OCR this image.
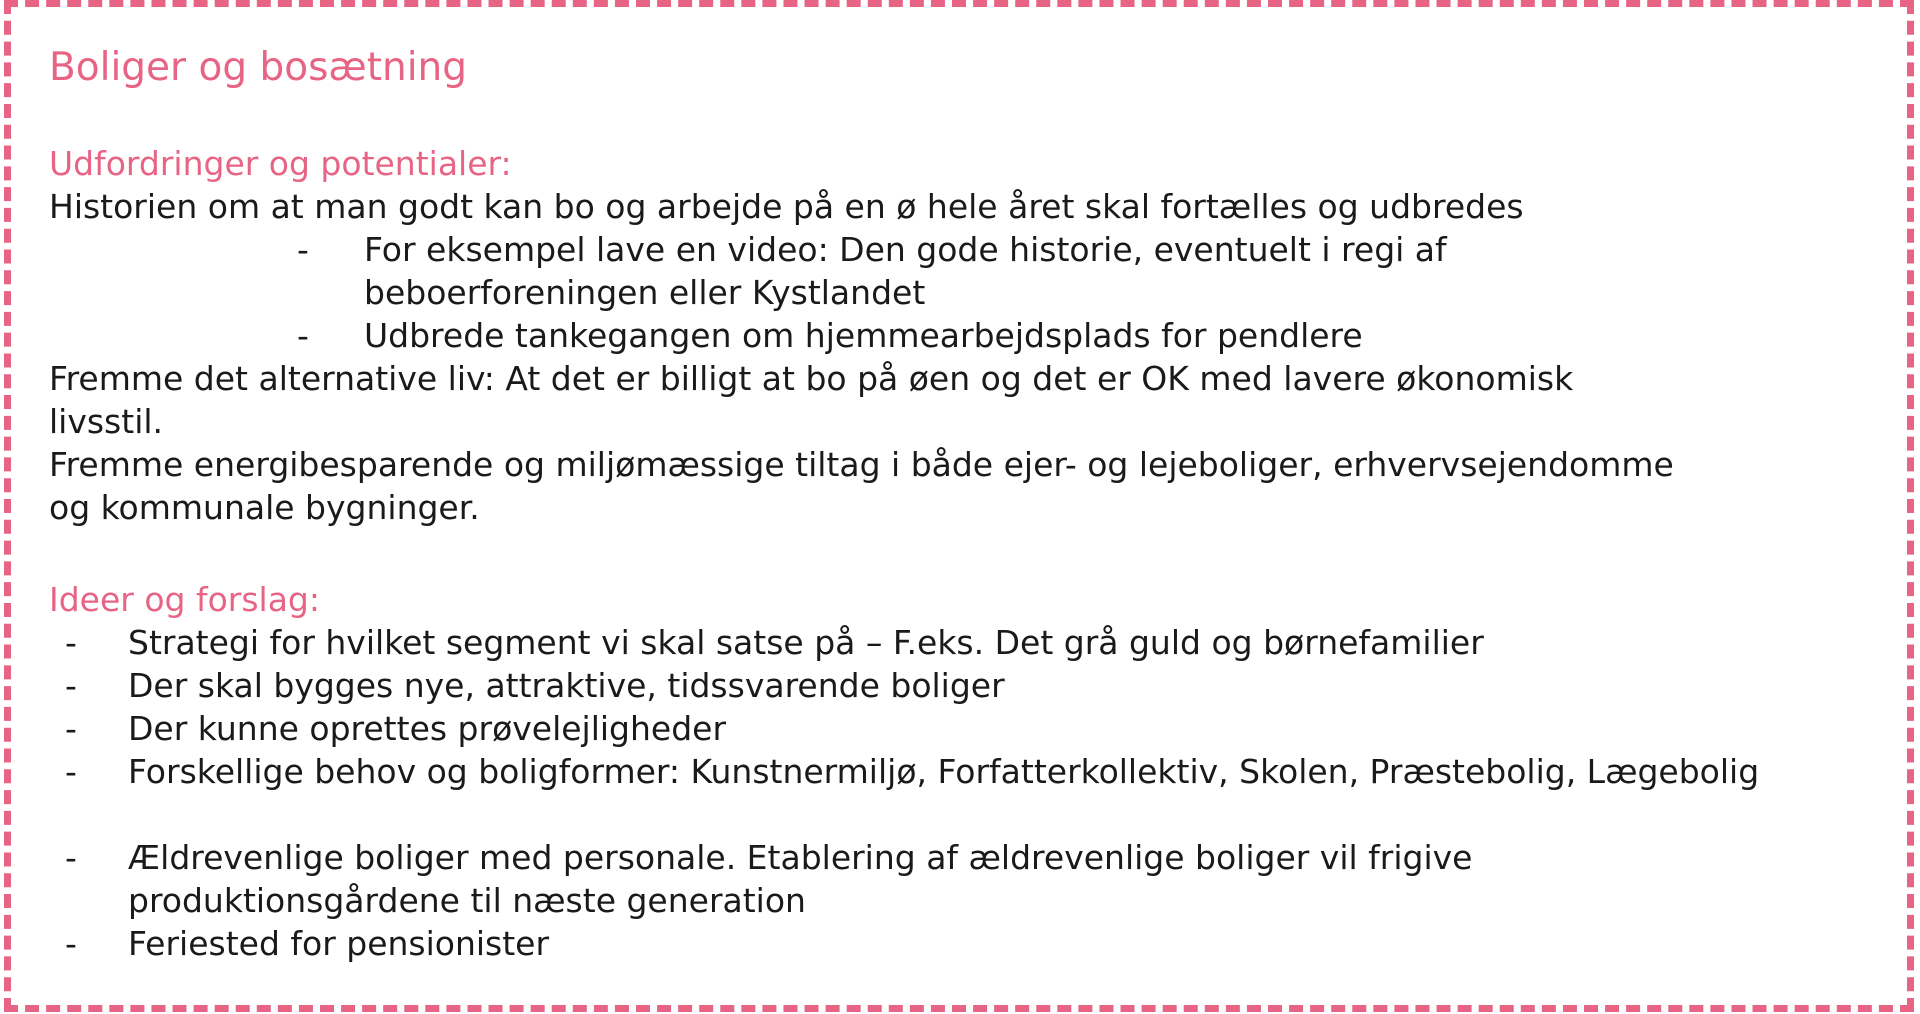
Boliger og bosætning
Udfordringer og potentialer:

Historien om at man godt kan bo og arbejde på en ø hele året skal fortælles og udbredes

- For eksempel lave en video: Den gode historie, eventuelt i regi af beboerforeningen eller Kystlandet
- Udbrede tankegangen om hjemmearbejdsplads for pendlere

Fremme det alternative liv: At det er billigt at bo på øen og det er OK med lavere økonomisk

livsstil.

Fremme energibesparende og miljømæssige tiltag i både ejer- og lejeboliger, erhvervsejendomme

og kommunale bygninger.

Ideer og forslag:
- Strategi for hvilket segment vi skal satse på – F.eks. Det grå guld og børnefamilier
- Der skal bygges nye, attraktive, tidssvarende boliger
- Der kunne oprettes prøvelejligheder
- Forskellige behov og boligformer: Kunstnermiljø, Forfatterkollektiv, Skolen, Præstebolig, Lægebolig
- Ældrevenlige boliger med personale. Etablering af ældrevenlige boliger vil frigive produktionsgårdene til næste generation
- Feriested for pensionister
